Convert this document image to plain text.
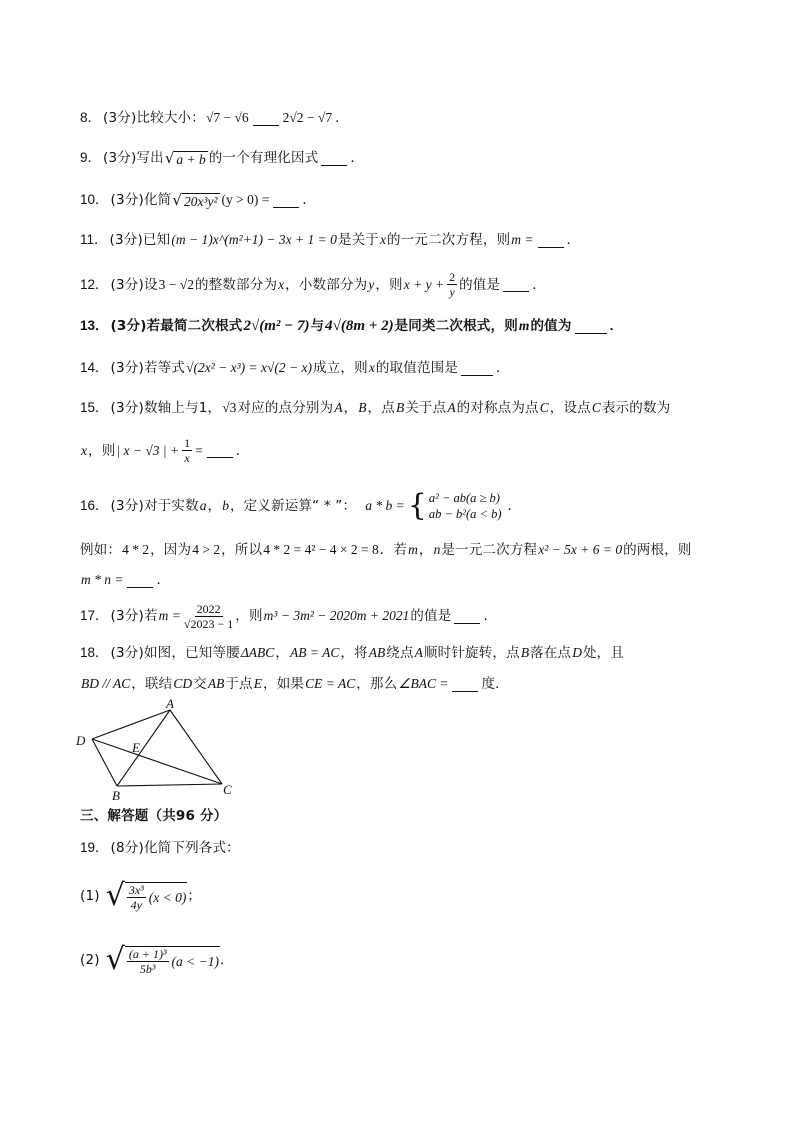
8． (3分) 比较大小： √7 − √6	2√2 − √7 ．
9． (3分) 写出 √ a + b 的一个有理化因式 ．
10． (3分) 化简 √ 20x³y² (y > 0) = ．
11． (3分) 已知 (m − 1)x^(m²+1) − 3x + 1 = 0 是关于 x 的一元二次方程，则 m = ．
12． (3分) 设 3 − √2 的整数部分为 x ，小数部分为 y ，则 $x + y + \frac{2}{y}$ 的值是 ．
13． (3分) 若最简二次根式 2√(m² − 7) 与 4√(8m + 2) 是同类二次根式，则 m 的值为	．
14． (3分) 若等式 √(2x² − x³) = x√(2 − x) 成立，则 x 的取值范围是	．
15． (3分) 数轴上与1， √3 对应的点分别为 A ， B ，点 B 关于点 A 的对称点为点 C ，设点 C 表示的数为
x ，则 | x − √3 | + $\frac{1}{x}$ = ．
16． (3分) 对于实数 a ， b ，定义新运算“ * ”： a * b = { a² − ab(a ≥ b)
ab − b²(a < b) ．
例如： 4 * 2 ，因为 4 > 2 ，所以 4 * 2 = 4² − 4 × 2 = 8 ．若 m ， n 是一元二次方程 x² − 5x + 6 = 0 的两根，则
m * n = ．
17． (3分) 若 $m = \frac{2022}{√2023 - 1}$ ，则 m³ − 3m² − 2020m + 2021 的值是 ．
18． (3分) 如图，已知等腰 ΔABC ， AB = AC ，将 AB 绕点 A 顺时针旋转，点 B 落在点 D 处，且
BD // AC ，联结 CD 交 AB 于点 E ，如果 CE = AC ，那么 ∠BAC = 度．
A
D	E
B	C
三、解答题（共96 分）
19． (8分) 化简下列各式：
(1) √ $\frac{\text{3x³}}{4y} (x < 0)$ ；
(2) √ $\frac{\text{(a + 1)³}}{\text{5b³}} (a < -1)$ ．
